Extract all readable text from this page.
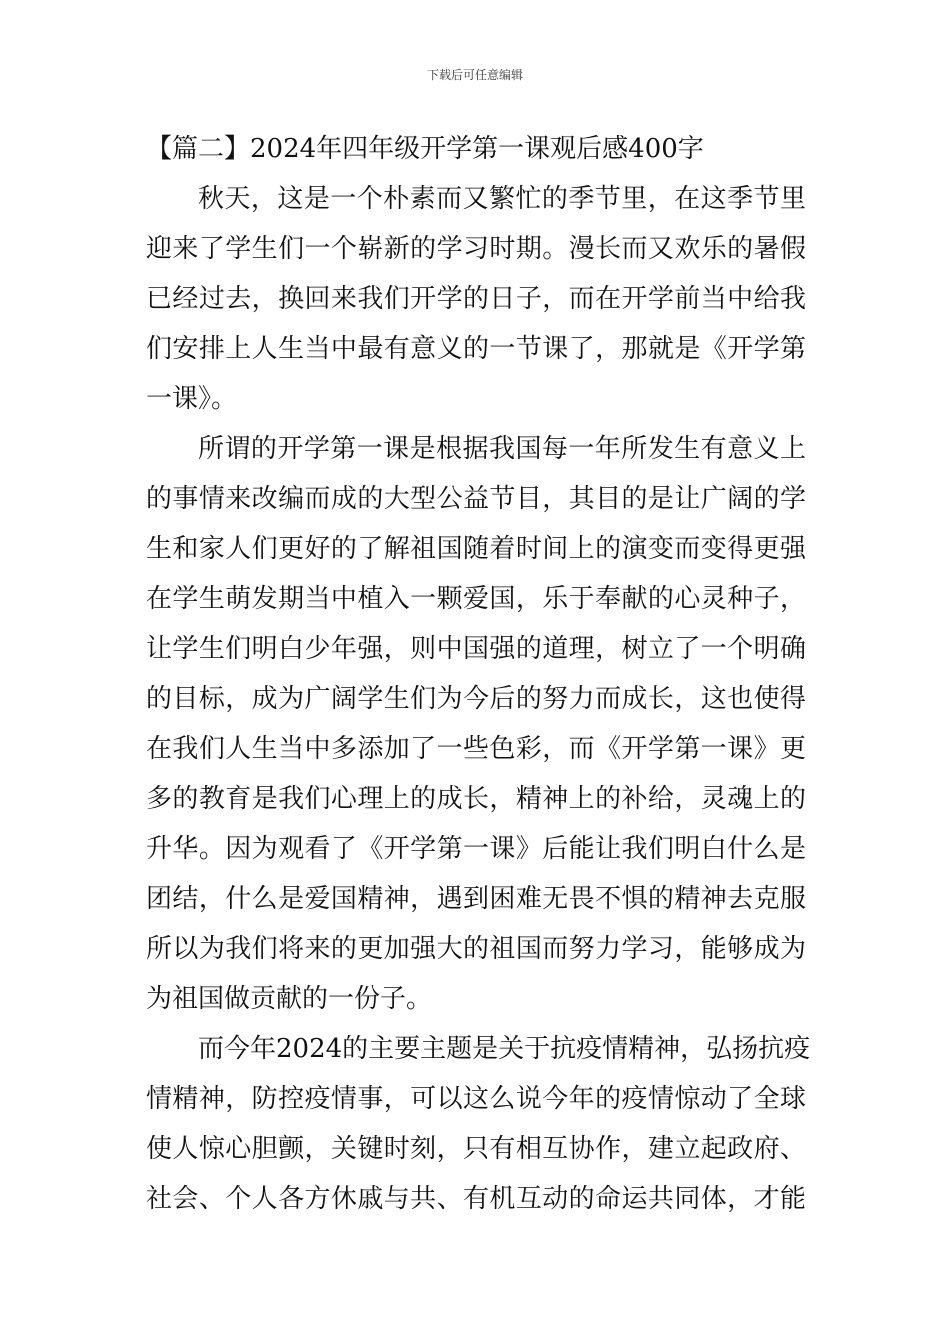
下载后可任意编辑
【篇二】2024年四年级开学第一课观后感400字
秋天，这是一个朴素而又繁忙的季节里，在这季节里
迎来了学生们一个崭新的学习时期。漫长而又欢乐的暑假
已经过去，换回来我们开学的日子，而在开学前当中给我
们安排上人生当中最有意义的一节课了，那就是《开学第
一课》。
所谓的开学第一课是根据我国每一年所发生有意义上
的事情来改编而成的大型公益节目，其目的是让广阔的学
生和家人们更好的了解祖国随着时间上的演变而变得更强
在学生萌发期当中植入一颗爱国，乐于奉献的心灵种子，
让学生们明白少年强，则中国强的道理，树立了一个明确
的目标，成为广阔学生们为今后的努力而成长，这也使得
在我们人生当中多添加了一些色彩，而《开学第一课》更
多的教育是我们心理上的成长，精神上的补给，灵魂上的
升华。因为观看了《开学第一课》后能让我们明白什么是
团结，什么是爱国精神，遇到困难无畏不惧的精神去克服
所以为我们将来的更加强大的祖国而努力学习，能够成为
为祖国做贡献的一份子。
而今年2024的主要主题是关于抗疫情精神，弘扬抗疫
情精神，防控疫情事，可以这么说今年的疫情惊动了全球
使人惊心胆颤，关键时刻，只有相互协作，建立起政府、
社会、个人各方休戚与共、有机互动的命运共同体，才能
